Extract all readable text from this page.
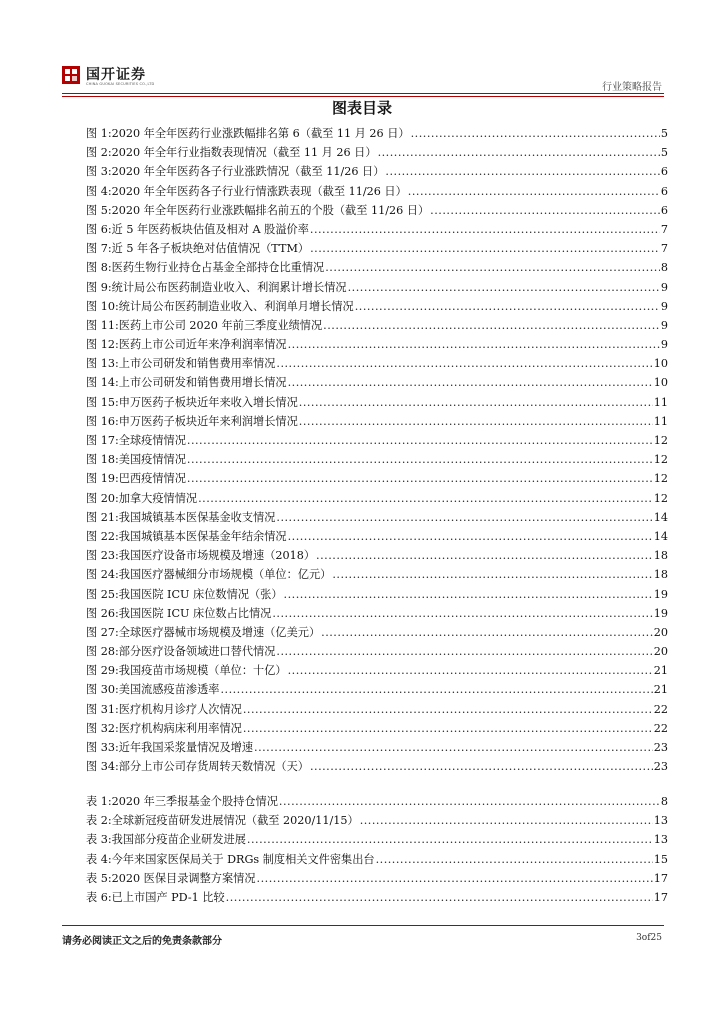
国开证券
CHINA GUOKAI SECURITIES CO.,LTD	行业策略报告
图表目录
图 1: 2020 年全年医药行业涨跌幅排名第 6（截至 11 月 26 日） .....	5
图 2: 2020 年全年行业指数表现情况（截至 11 月 26 日） .....	5
图 3: 2020 年全年医药各子行业涨跌情况（截至 11/26 日） .....	6
图 4: 2020 年全年医药各子行业行情涨跌表现（截至 11/26 日） .....	6
图 5: 2020 年全年医药行业涨跌幅排名前五的个股（截至 11/26 日） .....	6
图 6: 近 5 年医药板块估值及相对 A 股溢价率 .....	7
图 7: 近 5 年各子板块绝对估值情况（TTM） .....	7
图 8: 医药生物行业持仓占基金全部持仓比重情况 .....	8
图 9: 统计局公布医药制造业收入、利润累计增长情况 .....	9
图 10: 统计局公布医药制造业收入、利润单月增长情况 .....	9
图 11: 医药上市公司 2020 年前三季度业绩情况 .....	9
图 12: 医药上市公司近年来净利润率情况 .....	9
图 13: 上市公司研发和销售费用率情况 .....	10
图 14: 上市公司研发和销售费用增长情况 .....	10
图 15: 申万医药子板块近年来收入增长情况 .....	11
图 16: 申万医药子板块近年来利润增长情况 .....	11
图 17: 全球疫情情况 .....	12
图 18: 美国疫情情况 .....	12
图 19: 巴西疫情情况 .....	12
图 20: 加拿大疫情情况 .....	12
图 21: 我国城镇基本医保基金收支情况 .....	14
图 22: 我国城镇基本医保基金年结余情况 .....	14
图 23: 我国医疗设备市场规模及增速（2018） .....	18
图 24: 我国医疗器械细分市场规模（单位：亿元） .....	18
图 25: 我国医院 ICU 床位数情况（张） .....	19
图 26: 我国医院 ICU 床位数占比情况 .....	19
图 27: 全球医疗器械市场规模及增速（亿美元） .....	20
图 28: 部分医疗设备领域进口替代情况 .....	20
图 29: 我国疫苗市场规模（单位：十亿） .....	21
图 30: 美国流感疫苗渗透率 .....	21
图 31: 医疗机构月诊疗人次情况 .....	22
图 32: 医疗机构病床利用率情况 .....	22
图 33: 近年我国采浆量情况及增速 .....	23
图 34: 部分上市公司存货周转天数情况（天） .....	23
表 1: 2020 年三季报基金个股持仓情况 .....	8
表 2: 全球新冠疫苗研发进展情况（截至 2020/11/15） .....	13
表 3: 我国部分疫苗企业研发进展 .....	13
表 4: 今年来国家医保局关于 DRGs 制度相关文件密集出台 .....	15
表 5: 2020 医保目录调整方案情况 .....	17
表 6: 已上市国产 PD-1 比较 .....	17
请务必阅读正文之后的免责条款部分	3of25
